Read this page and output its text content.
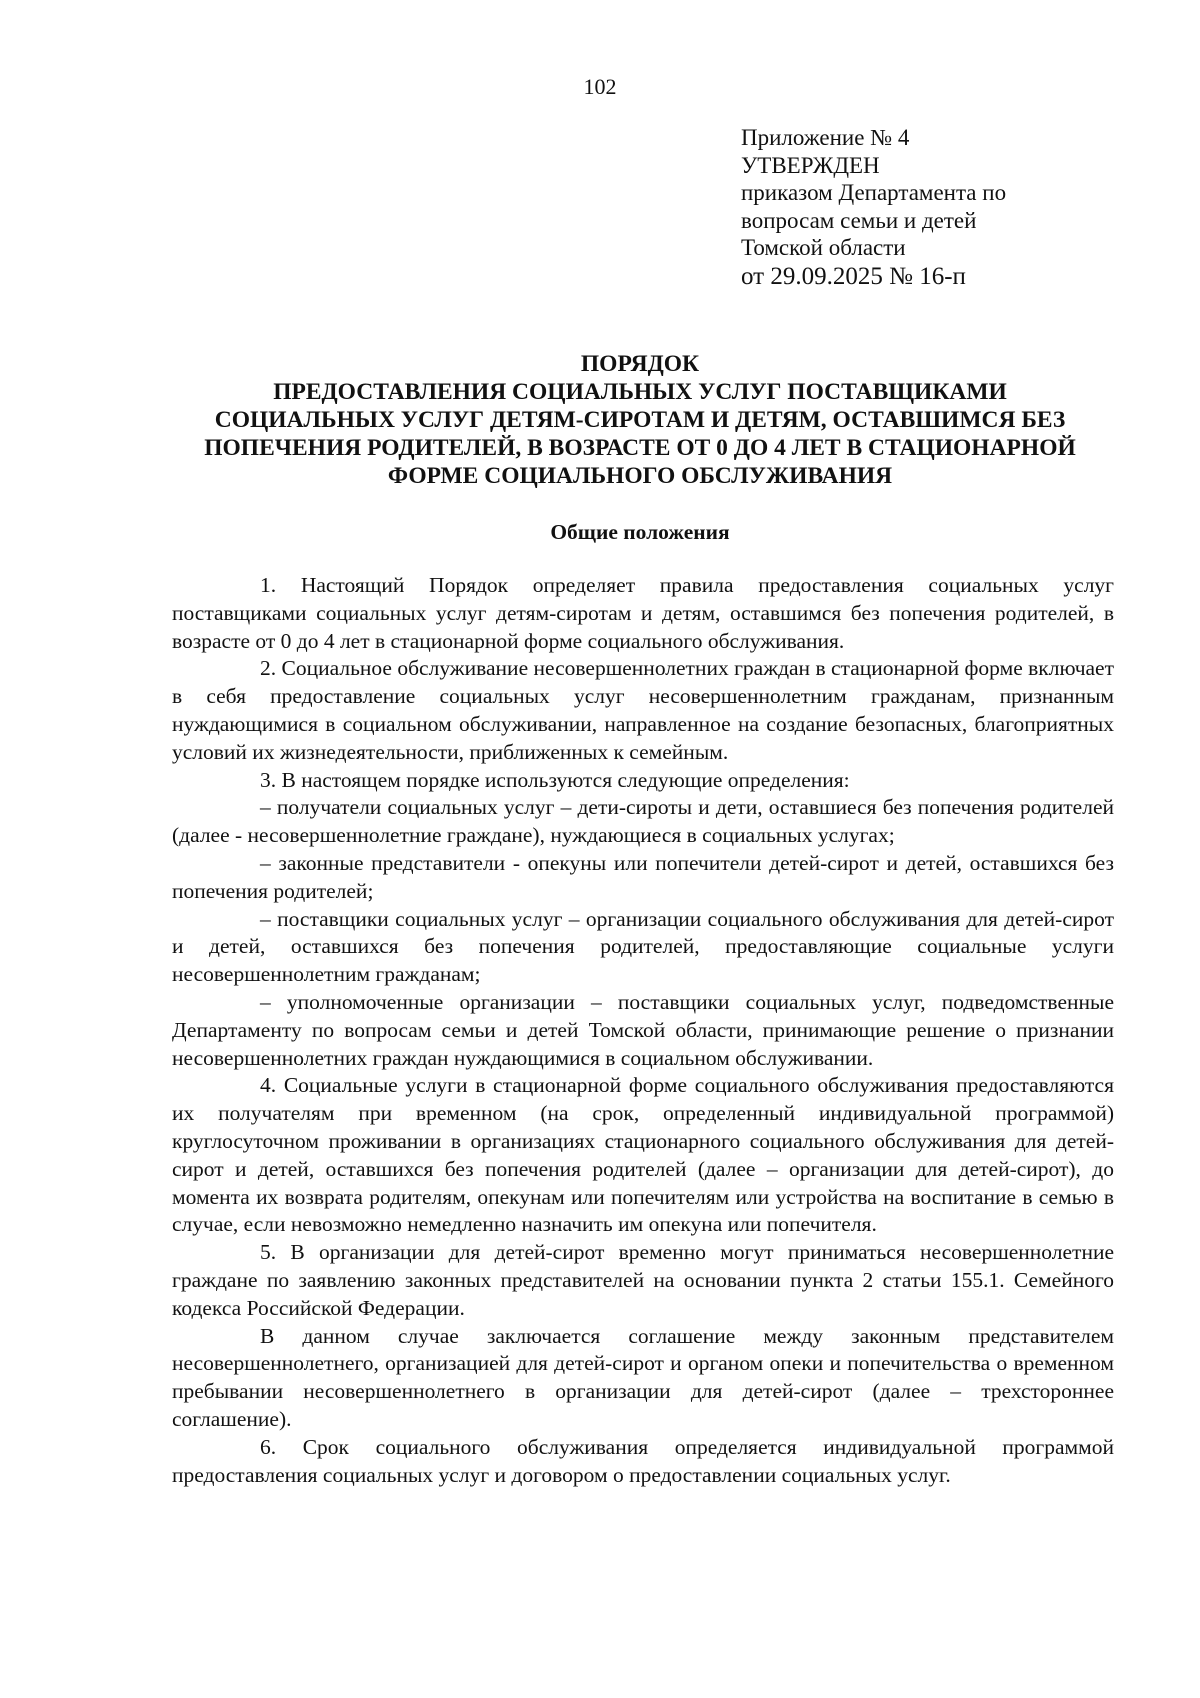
102
Приложение № 4
УТВЕРЖДЕН
приказом Департамента по
вопросам семьи и детей
Томской области
от 29.09.2025 № 16-п
ПОРЯДОК
ПРЕДОСТАВЛЕНИЯ СОЦИАЛЬНЫХ УСЛУГ ПОСТАВЩИКАМИ
СОЦИАЛЬНЫХ УСЛУГ ДЕТЯМ-СИРОТАМ И ДЕТЯМ, ОСТАВШИМСЯ БЕЗ
ПОПЕЧЕНИЯ РОДИТЕЛЕЙ, В ВОЗРАСТЕ ОТ 0 ДО 4 ЛЕТ В СТАЦИОНАРНОЙ
ФОРМЕ СОЦИАЛЬНОГО ОБСЛУЖИВАНИЯ
Общие положения

1. Настоящий Порядок определяет правила предоставления социальных услуг поставщиками социальных услуг детям-сиротам и детям, оставшимся без попечения родителей, в возрасте от 0 до 4 лет в стационарной форме социального обслуживания.

2. Социальное обслуживание несовершеннолетних граждан в стационарной форме включает в себя предоставление социальных услуг несовершеннолетним гражданам, признанным нуждающимися в социальном обслуживании, направленное на создание безопасных, благоприятных условий их жизнедеятельности, приближенных к семейным.

3. В настоящем порядке используются следующие определения:

– получатели социальных услуг – дети-сироты и дети, оставшиеся без попечения родителей (далее - несовершеннолетние граждане), нуждающиеся в социальных услугах;

– законные представители - опекуны или попечители детей-сирот и детей, оставшихся без попечения родителей;

– поставщики социальных услуг – организации социального обслуживания для детей-сирот и детей, оставшихся без попечения родителей, предоставляющие социальные услуги несовершеннолетним гражданам;

– уполномоченные организации – поставщики социальных услуг, подведомственные Департаменту по вопросам семьи и детей Томской области, принимающие решение о признании несовершеннолетних граждан нуждающимися в социальном обслуживании.

4. Социальные услуги в стационарной форме социального обслуживания предоставляются их получателям при временном (на срок, определенный индивидуальной программой) круглосуточном проживании в организациях стационарного социального обслуживания для детей-сирот и детей, оставшихся без попечения родителей (далее – организации для детей-сирот), до момента их возврата родителям, опекунам или попечителям или устройства на воспитание в семью в случае, если невозможно немедленно назначить им опекуна или попечителя.

5. В организации для детей-сирот временно могут приниматься несовершеннолетние граждане по заявлению законных представителей на основании пункта 2 статьи 155.1. Семейного кодекса Российской Федерации.

В данном случае заключается соглашение между законным представителем несовершеннолетнего, организацией для детей-сирот и органом опеки и попечительства о временном пребывании несовершеннолетнего в организации для детей-сирот (далее – трехстороннее соглашение).

6. Срок социального обслуживания определяется индивидуальной программой предоставления социальных услуг и договором о предоставлении социальных услуг.
